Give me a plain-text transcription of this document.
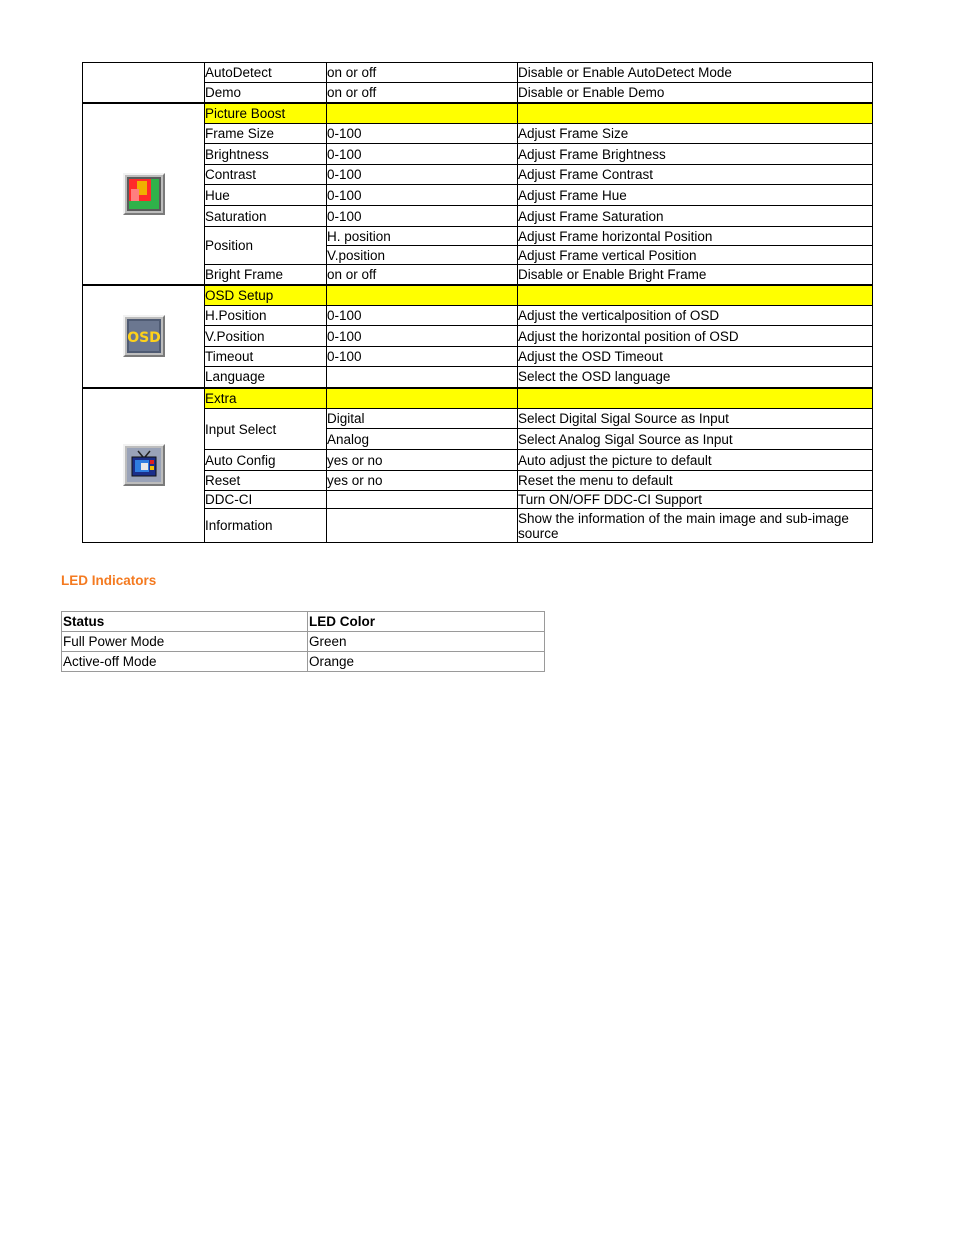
	AutoDetect	on or off	Disable or Enable AutoDetect Mode
	Demo	on or off	Disable or Enable Demo

	Picture Boost		
	Frame Size	0-100	Adjust Frame Size
	Brightness	0-100	Adjust Frame Brightness
	Contrast	0-100	Adjust Frame Contrast
	Hue	0-100	Adjust Frame Hue
	Saturation	0-100	Adjust Frame Saturation
	Position	H. position	Adjust Frame horizontal Position
		V.position	Adjust Frame vertical Position
	Bright Frame	on or off	Disable or Enable Bright Frame

OSD	OSD Setup		
	H.Position	0-100	Adjust the verticalposition of OSD
	V.Position	0-100	Adjust the horizontal position of OSD
	Timeout	0-100	Adjust the OSD Timeout
	Language		Select the OSD language

	Extra		
	Input Select	Digital	Select Digital Sigal Source as Input
		Analog	Select Analog Sigal Source as Input
	Auto Config	yes or no	Auto adjust the picture to default
	Reset	yes or no	Reset the menu to default
	DDC-CI		Turn ON/OFF DDC-CI Support
	Information		Show the information of the main image and sub-image source
LED Indicators
Status	LED Color
Full Power Mode	Green
Active-off Mode	Orange
